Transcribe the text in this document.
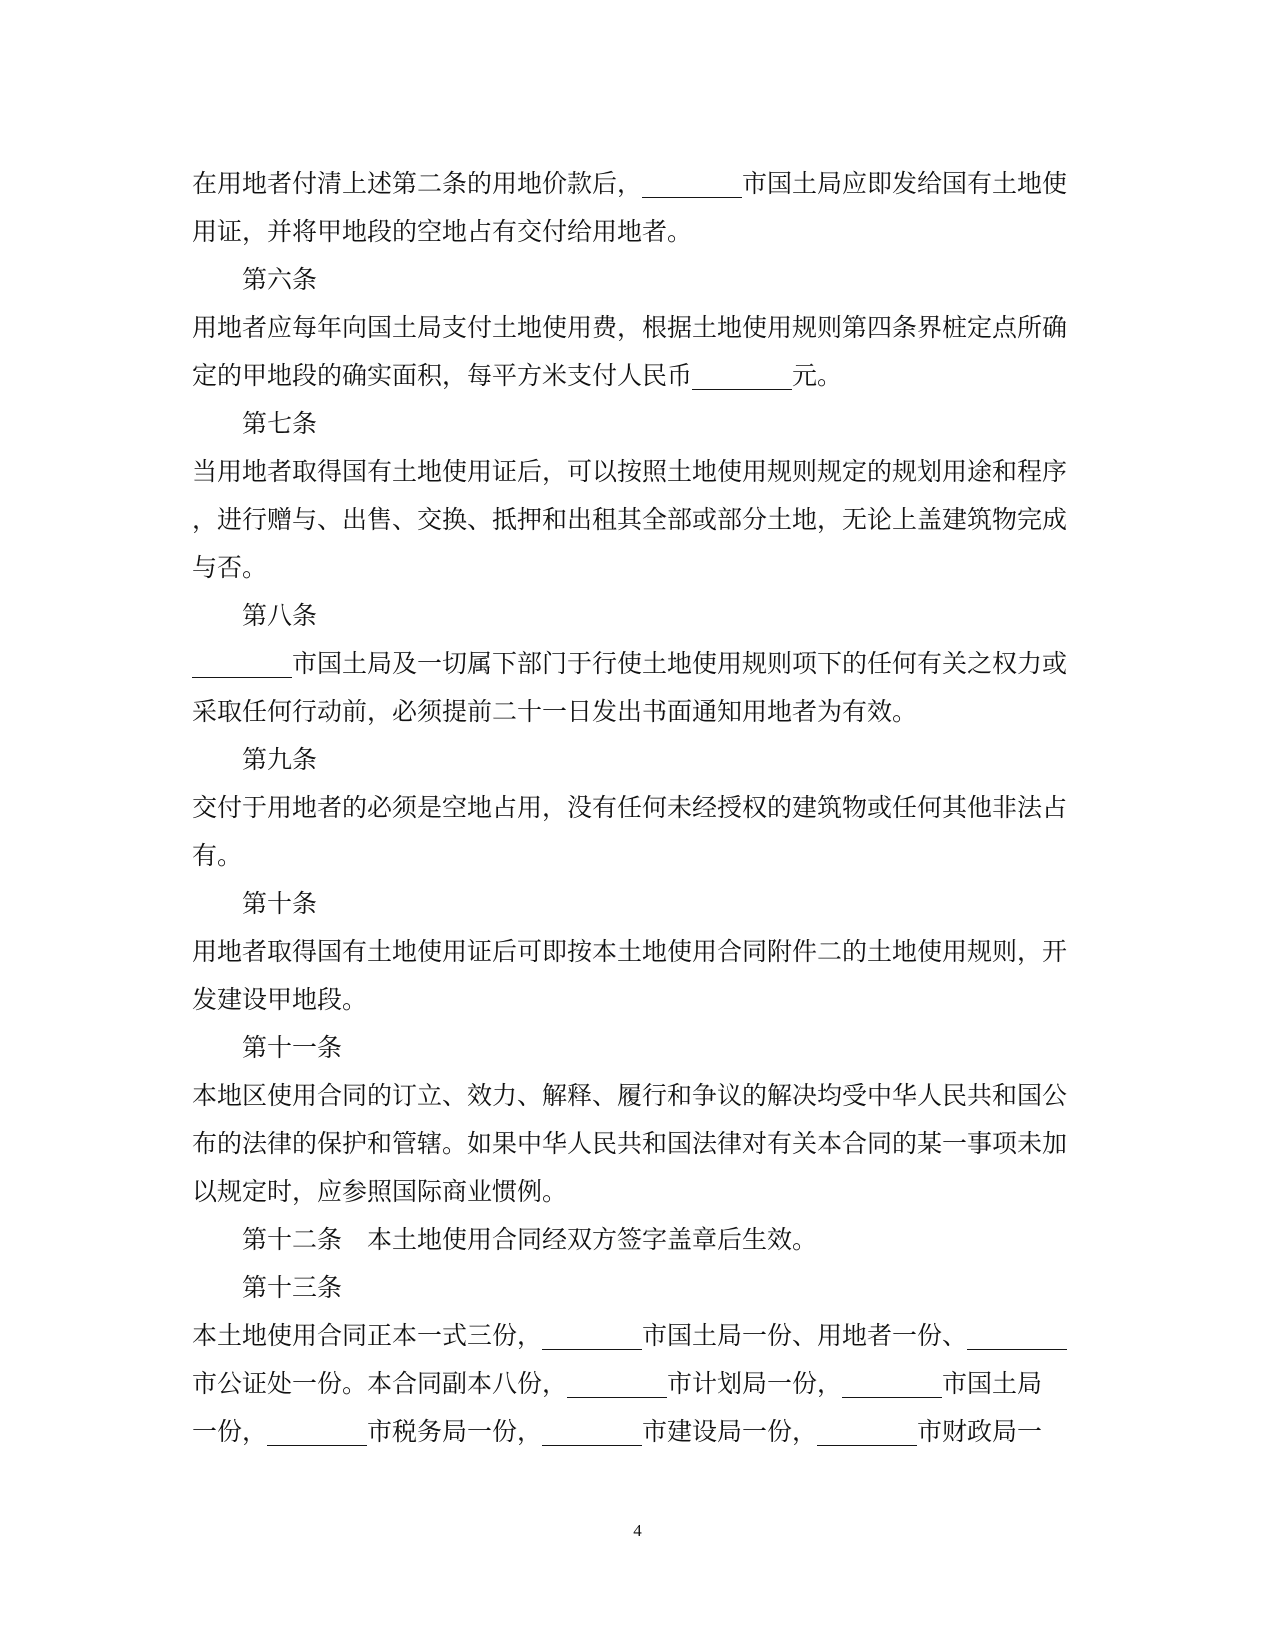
在用地者付清上述第二条的用地价款后，________市国土局应即发给国有土地使
用证，并将甲地段的空地占有交付给用地者。
第六条
用地者应每年向国土局支付土地使用费，根据土地使用规则第四条界桩定点所确
定的甲地段的确实面积，每平方米支付人民币________元。
第七条
当用地者取得国有土地使用证后，可以按照土地使用规则规定的规划用途和程序
，进行赠与、出售、交换、抵押和出租其全部或部分土地，无论上盖建筑物完成
与否。
第八条
________市国土局及一切属下部门于行使土地使用规则项下的任何有关之权力或
采取任何行动前，必须提前二十一日发出书面通知用地者为有效。
第九条
交付于用地者的必须是空地占用，没有任何未经授权的建筑物或任何其他非法占
有。
第十条
用地者取得国有土地使用证后可即按本土地使用合同附件二的土地使用规则，开
发建设甲地段。
第十一条
本地区使用合同的订立、效力、解释、履行和争议的解决均受中华人民共和国公
布的法律的保护和管辖。如果中华人民共和国法律对有关本合同的某一事项未加
以规定时，应参照国际商业惯例。
第十二条　本土地使用合同经双方签字盖章后生效。
第十三条
本土地使用合同正本一式三份，________市国土局一份、用地者一份、________
市公证处一份。本合同副本八份，________市计划局一份，________市国土局
一份，________市税务局一份，________市建设局一份，________市财政局一
4
